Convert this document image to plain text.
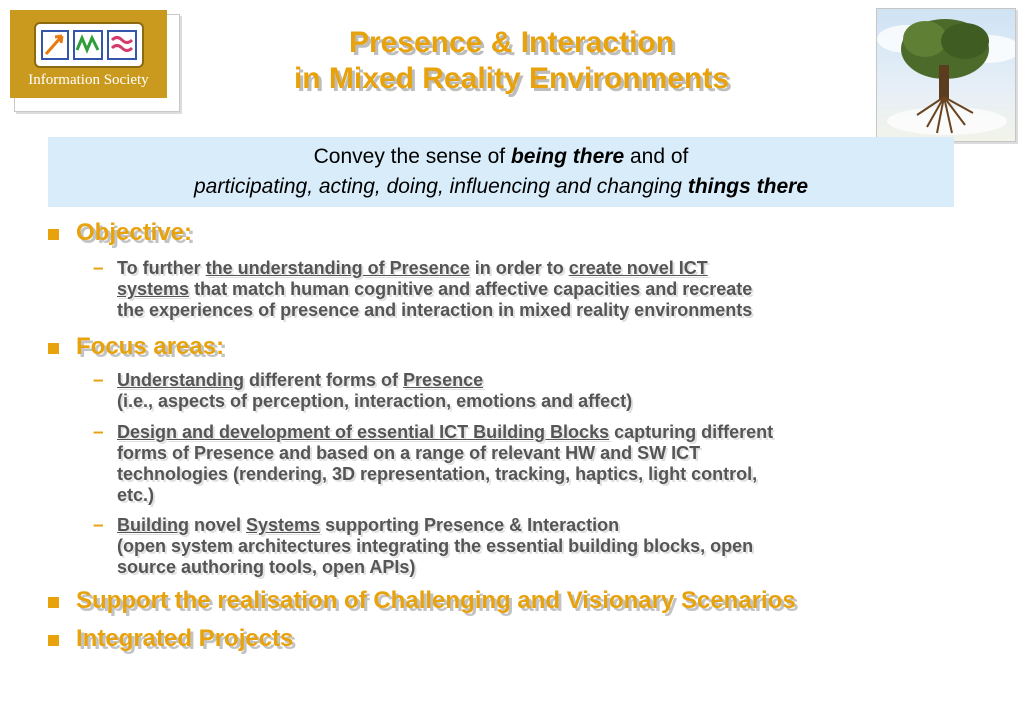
Information Society
Presence & Interaction
in Mixed Reality Environments
Convey the sense of being there and of
participating, acting, doing, influencing and changing things there
Objective:
– To further the understanding of Presence in order to create novel ICT
systems that match human cognitive and affective capacities and recreate
the experiences of presence and interaction in mixed reality environments
Focus areas:
– Understanding different forms of Presence
(i.e., aspects of perception, interaction, emotions and affect)
– Design and development of essential ICT Building Blocks capturing different
forms of Presence and based on a range of relevant HW and SW ICT
technologies (rendering, 3D representation, tracking, haptics, light control,
etc.)
– Building novel Systems supporting Presence & Interaction
(open system architectures integrating the essential building blocks, open
source authoring tools, open APIs)
Support the realisation of Challenging and Visionary Scenarios
Integrated Projects
